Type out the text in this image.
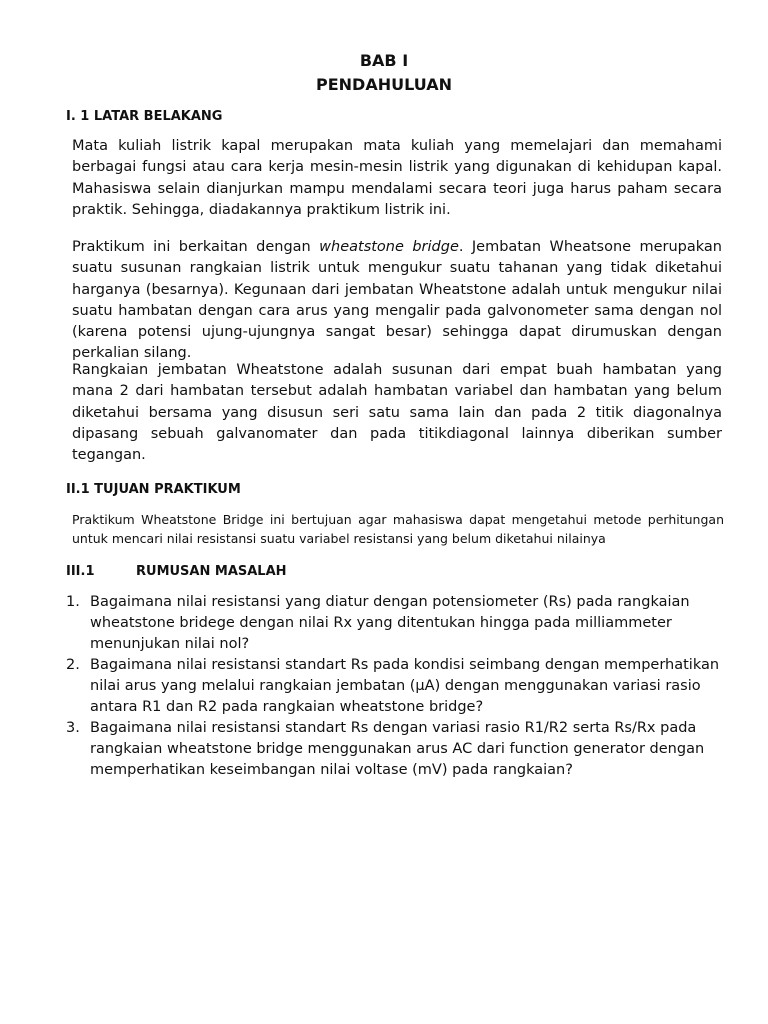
BAB I
PENDAHULUAN
I. 1 LATAR BELAKANG

Mata kuliah listrik kapal merupakan mata kuliah yang memelajari dan memahami berbagai fungsi atau cara kerja mesin-mesin listrik yang digunakan di kehidupan kapal. Mahasiswa selain dianjurkan mampu mendalami secara teori juga harus paham secara praktik. Sehingga, diadakannya praktikum listrik ini.

Praktikum ini berkaitan dengan wheatstone bridge. Jembatan Wheatsone merupakan suatu susunan rangkaian listrik untuk mengukur suatu tahanan yang tidak diketahui harganya (besarnya). Kegunaan dari jembatan Wheatstone adalah untuk mengukur nilai suatu hambatan dengan cara arus yang mengalir pada galvonometer sama dengan nol (karena potensi ujung-ujungnya sangat besar) sehingga dapat dirumuskan dengan perkalian silang.

Rangkaian jembatan Wheatstone adalah susunan dari empat buah hambatan yang mana 2 dari hambatan tersebut adalah hambatan variabel dan hambatan yang belum diketahui bersama yang disusun seri satu sama lain dan pada 2 titik diagonalnya dipasang sebuah galvanomater dan pada titikdiagonal lainnya diberikan sumber tegangan.

II.1 TUJUAN PRAKTIKUM

Praktikum Wheatstone Bridge ini bertujuan agar mahasiswa dapat mengetahui metode perhitungan untuk mencari nilai resistansi suatu variabel resistansi yang belum diketahui nilainya

III.1	RUMUSAN MASALAH
1. Bagaimana nilai resistansi yang diatur dengan potensiometer (Rs) pada rangkaian wheatstone bridege dengan nilai Rx yang ditentukan hingga pada milliammeter menunjukan nilai nol?
2. Bagaimana nilai resistansi standart Rs pada kondisi seimbang dengan memperhatikan nilai arus yang melalui rangkaian jembatan (μA) dengan menggunakan variasi rasio antara R1 dan R2 pada rangkaian wheatstone bridge?
3. Bagaimana nilai resistansi standart Rs dengan variasi rasio R1/R2 serta Rs/Rx pada rangkaian wheatstone bridge menggunakan arus AC dari function generator dengan memperhatikan keseimbangan nilai voltase (mV) pada rangkaian?
